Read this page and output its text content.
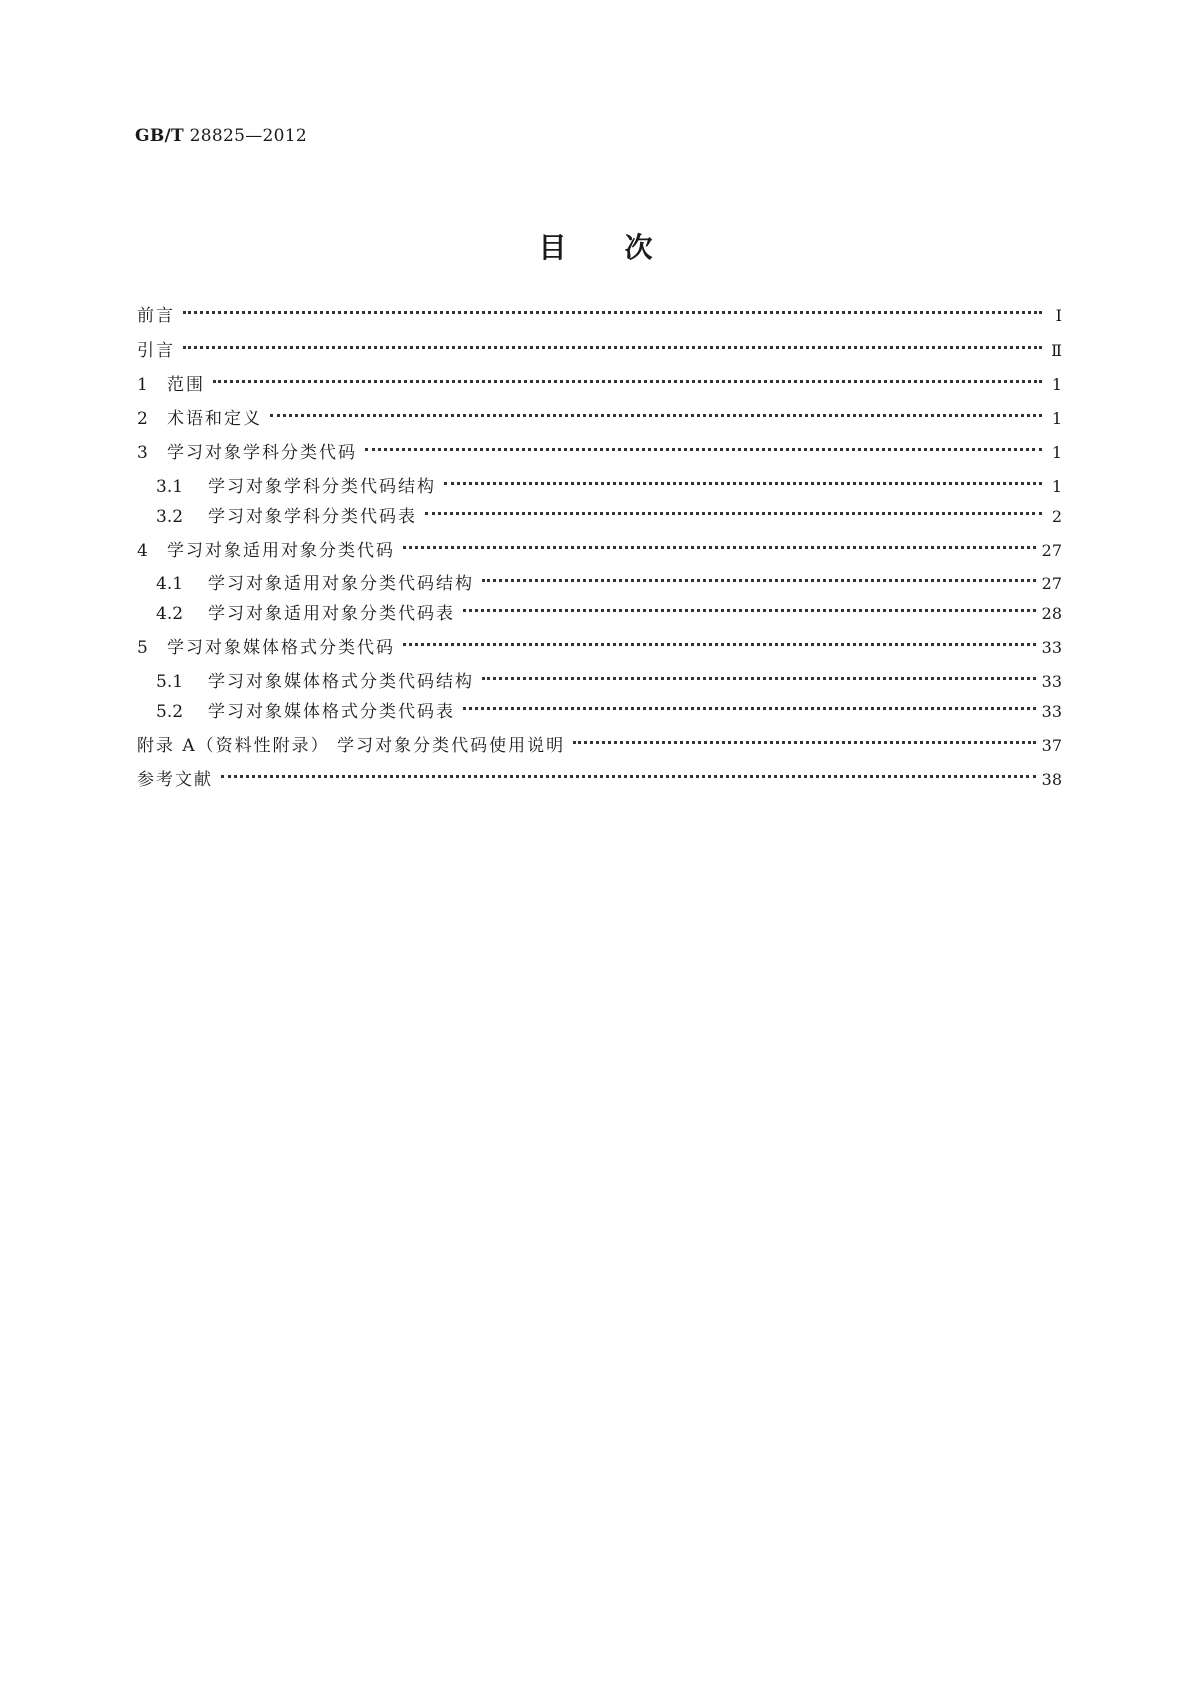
GB/T 28825—2012
目次
前言	Ⅰ
引言	Ⅱ
1	范围	1
2	术语和定义	1
3	学习对象学科分类代码	1
3.1	学习对象学科分类代码结构	1
3.2	学习对象学科分类代码表	2
4	学习对象适用对象分类代码	27
4.1	学习对象适用对象分类代码结构	27
4.2	学习对象适用对象分类代码表	28
5	学习对象媒体格式分类代码	33
5.1	学习对象媒体格式分类代码结构	33
5.2	学习对象媒体格式分类代码表	33
附录 A（资料性附录） 学习对象分类代码使用说明	37
参考文献	38
